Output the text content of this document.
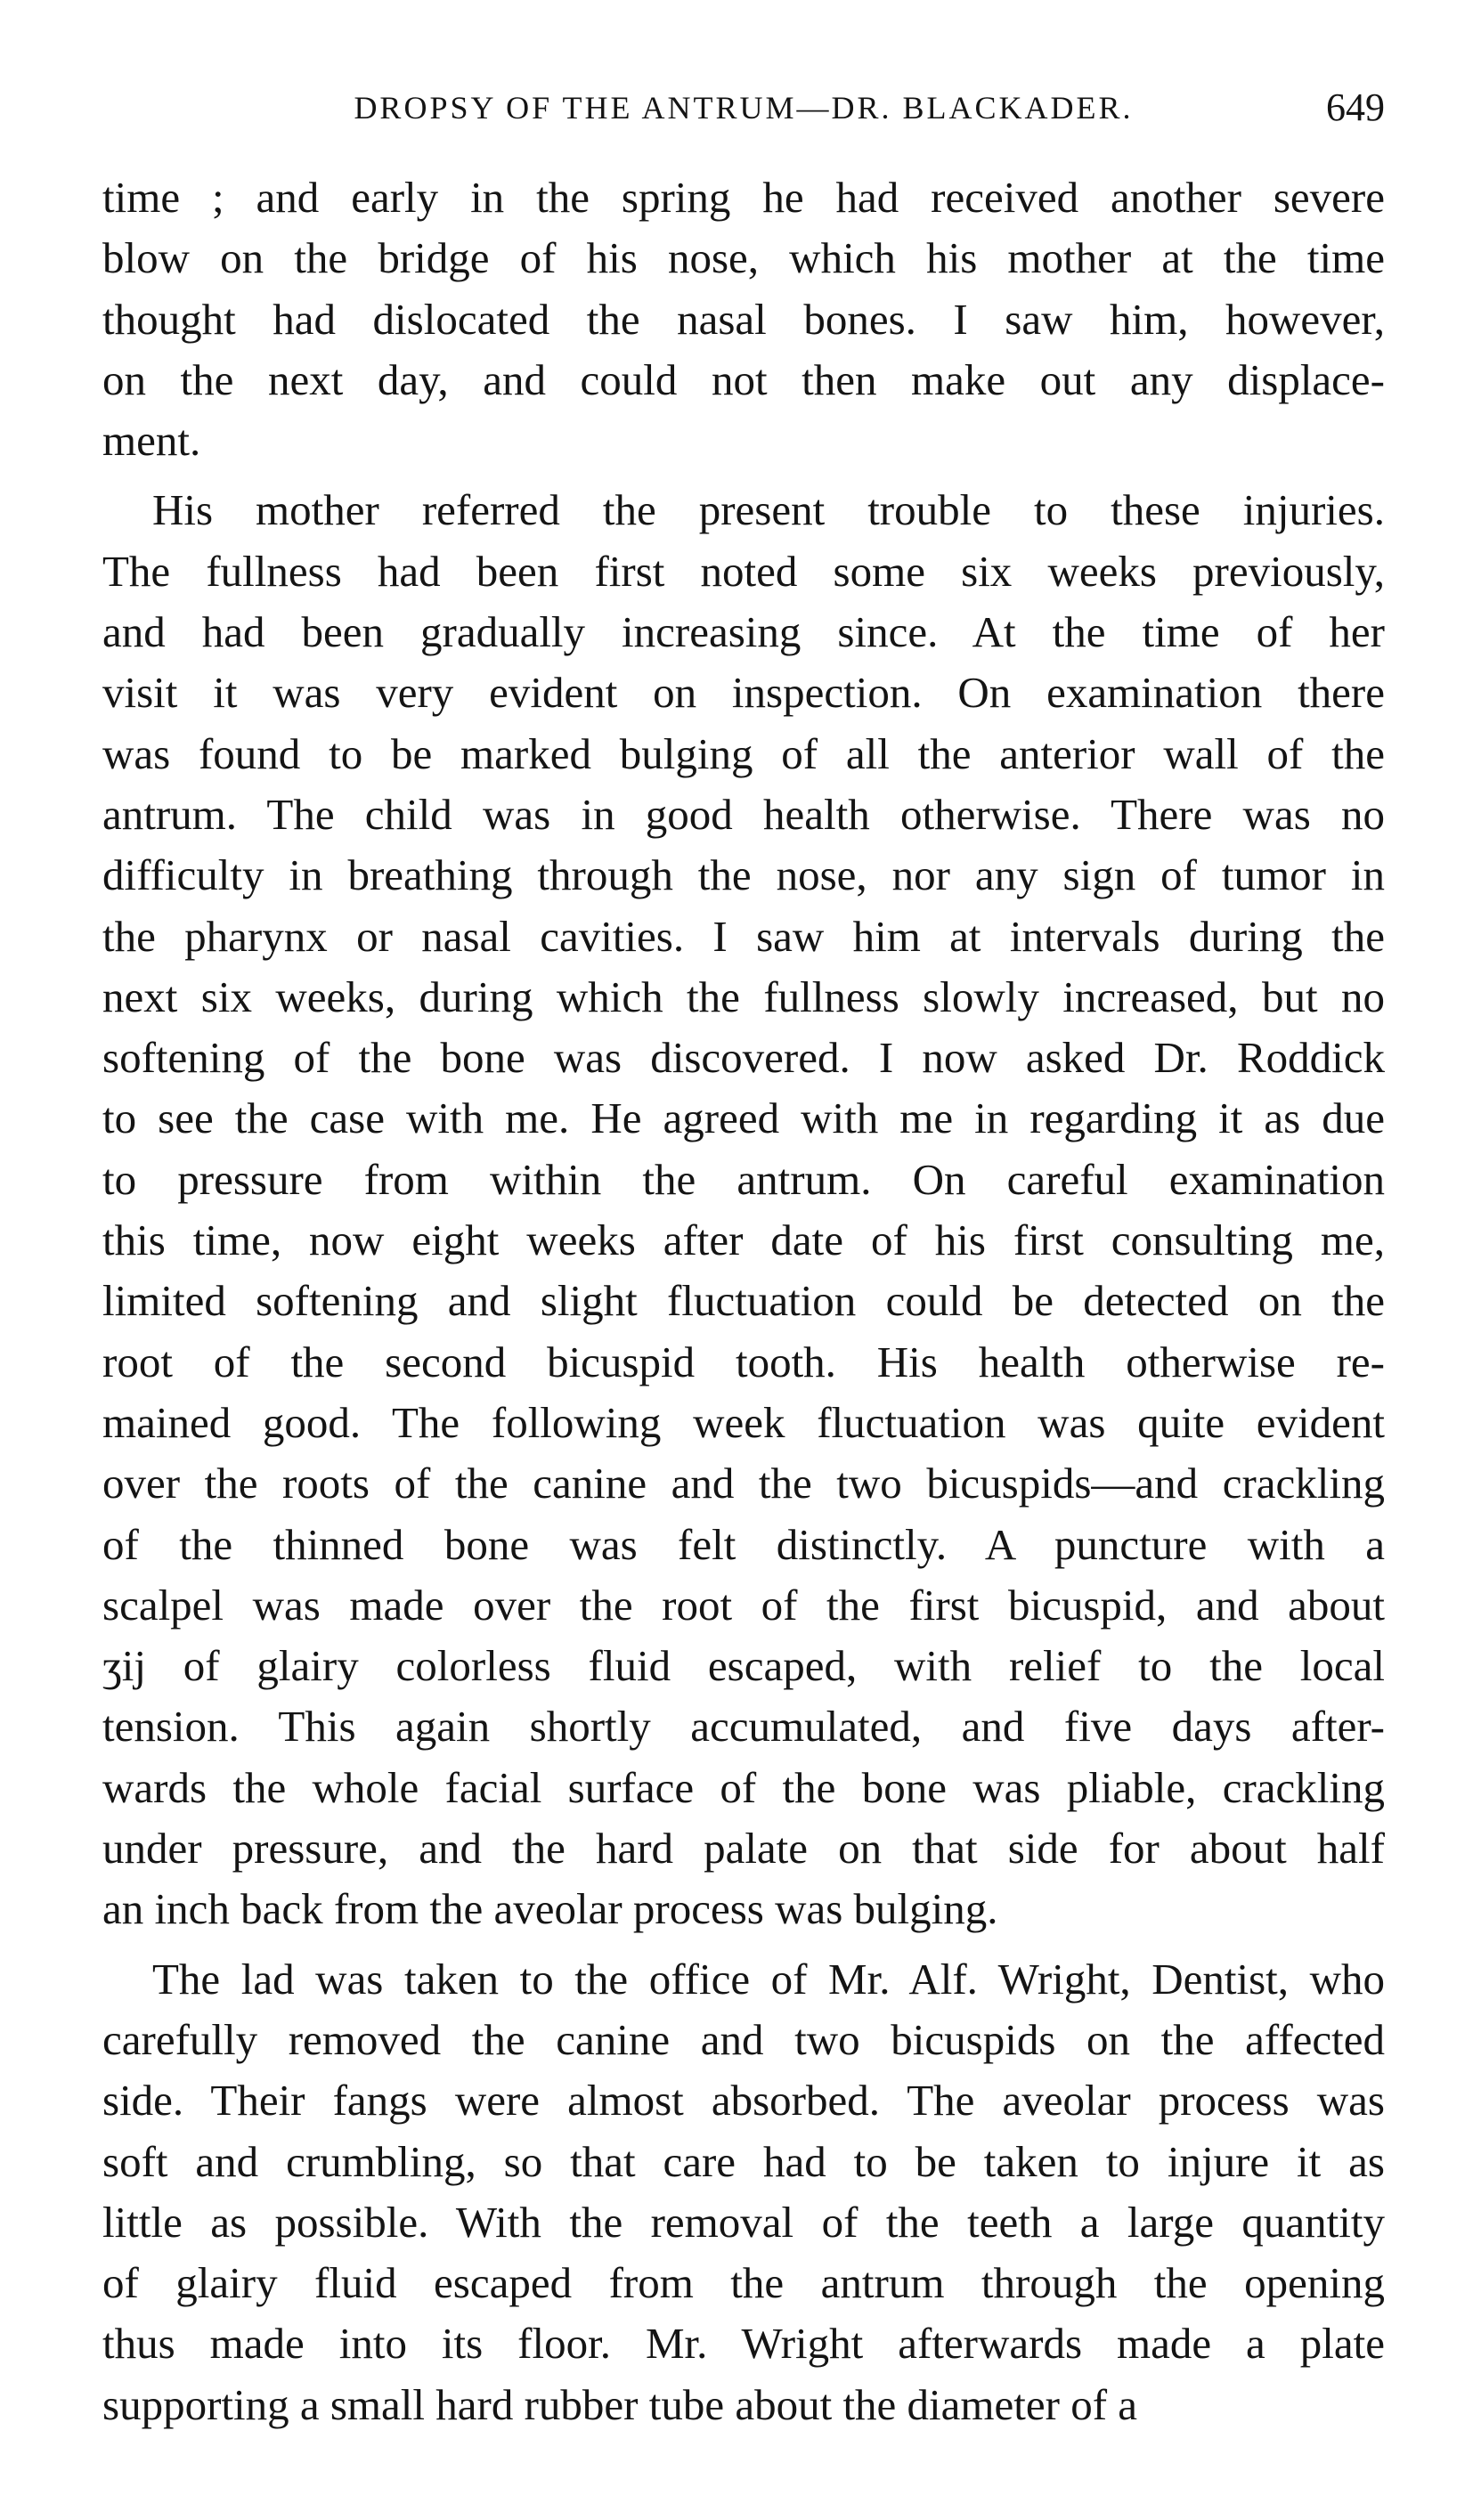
DROPSY OF THE ANTRUM—DR. BLACKADER.	649
time ; and early in the spring he had received another severe
blow on the bridge of his nose, which his mother at the time
thought had dislocated the nasal bones. I saw him, however,
on the next day, and could not then make out any displace-
ment.
His mother referred the present trouble to these injuries.
The fullness had been first noted some six weeks previously,
and had been gradually increasing since. At the time of her
visit it was very evident on inspection. On examination there
was found to be marked bulging of all the anterior wall of the
antrum. The child was in good health otherwise. There was no
difficulty in breathing through the nose, nor any sign of tumor in
the pharynx or nasal cavities. I saw him at intervals during the
next six weeks, during which the fullness slowly increased, but no
softening of the bone was discovered. I now asked Dr. Roddick
to see the case with me. He agreed with me in regarding it as due
to pressure from within the antrum. On careful examination
this time, now eight weeks after date of his first consulting me,
limited softening and slight fluctuation could be detected on the
root of the second bicuspid tooth. His health otherwise re-
mained good. The following week fluctuation was quite evident
over the roots of the canine and the two bicuspids—and crackling
of the thinned bone was felt distinctly. A puncture with a
scalpel was made over the root of the first bicuspid, and about
ʒij of glairy colorless fluid escaped, with relief to the local
tension. This again shortly accumulated, and five days after-
wards the whole facial surface of the bone was pliable, crackling
under pressure, and the hard palate on that side for about half
an inch back from the aveolar process was bulging.
The lad was taken to the office of Mr. Alf. Wright, Dentist, who
carefully removed the canine and two bicuspids on the affected
side. Their fangs were almost absorbed. The aveolar process was
soft and crumbling, so that care had to be taken to injure it as
little as possible. With the removal of the teeth a large quantity
of glairy fluid escaped from the antrum through the opening
thus made into its floor. Mr. Wright afterwards made a plate
supporting a small hard rubber tube about the diameter of a
